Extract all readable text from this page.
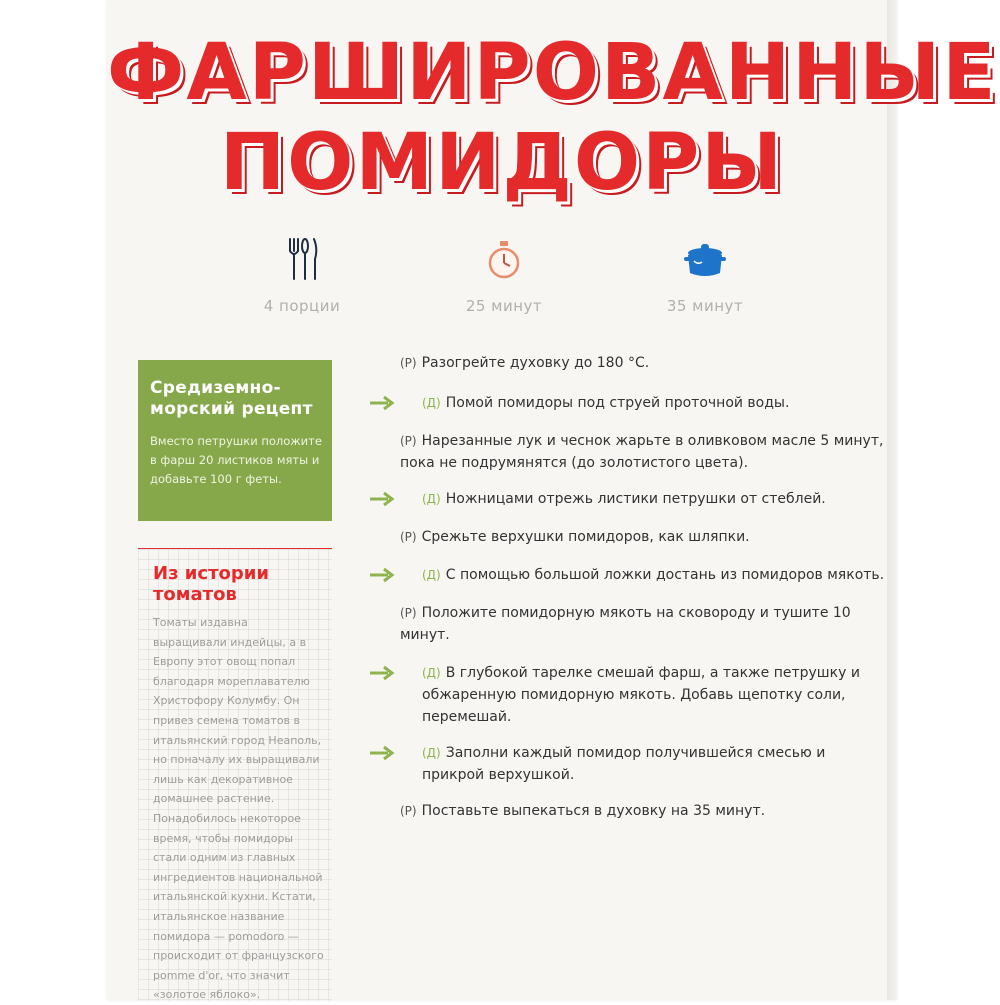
ФАРШИРОВАННЫЕ
ПОМИДОРЫ
4 порции	25 минут	35 минут
Средиземно-морский рецепт
Вместо петрушки положите в фарш 20 листиков мяты и добавьте 100 г феты.
Из истории томатов
Томаты издавна выращивали индейцы, а в Европу этот овощ попал благодаря мореплавателю Христофору Колумбу. Он привез семена томатов в итальянский город Неаполь, но поначалу их выращивали лишь как декоративное домашнее растение. Понадобилось некоторое время, чтобы помидоры стали одним из главных ингредиентов национальной итальянской кухни. Кстати, итальянское название помидора — pomodoro — происходит от французского pomme d'or, что значит «золотое яблоко».
(Р) Разогрейте духовку до 180 °С.
(Д) Помой помидоры под струей проточной воды.
(Р) Нарезанные лук и чеснок жарьте в оливковом масле 5 минут, пока не подрумянятся (до золотистого цвета).
(Д) Ножницами отрежь листики петрушки от стеблей.
(Р) Срежьте верхушки помидоров, как шляпки.
(Д) С помощью большой ложки достань из помидоров мякоть.
(Р) Положите помидорную мякоть на сковороду и тушите 10 минут.
(Д) В глубокой тарелке смешай фарш, а также петрушку и обжаренную помидорную мякоть. Добавь щепотку соли, перемешай.
(Д) Заполни каждый помидор получившейся смесью и прикрой верхушкой.
(Р) Поставьте выпекаться в духовку на 35 минут.
